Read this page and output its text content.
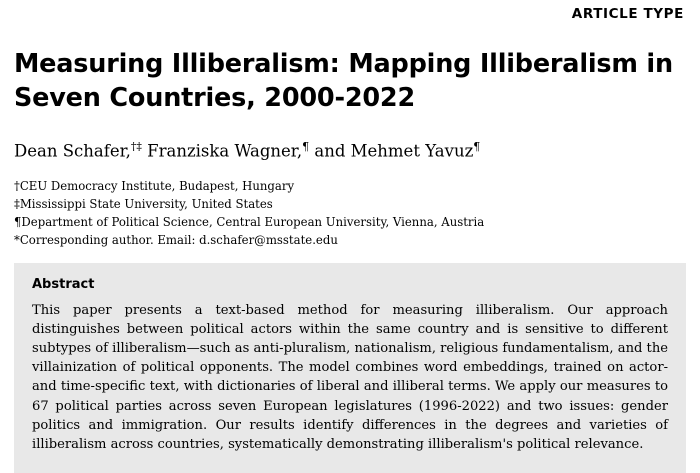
ARTICLE TYPE
Measuring Illiberalism: Mapping Illiberalism in Seven Countries, 2000-2022
Dean Schafer,†‡ Franziska Wagner,¶ and Mehmet Yavuz¶
†CEU Democracy Institute, Budapest, Hungary
‡Mississippi State University, United States
¶Department of Political Science, Central European University, Vienna, Austria
*Corresponding author. Email: d.schafer@msstate.edu
Abstract

This paper presents a text-based method for measuring illiberalism. Our approach distinguishes between political actors within the same country and is sensitive to different subtypes of illiberalism—such as anti-pluralism, nationalism, religious fundamentalism, and the villainization of political opponents. The model combines word embeddings, trained on actor- and time-specific text, with dictionaries of liberal and illiberal terms. We apply our measures to 67 political parties across seven European legislatures (1996-2022) and two issues: gender politics and immigration. Our results identify differences in the degrees and varieties of illiberalism across countries, systematically demonstrating illiberalism's political relevance.
